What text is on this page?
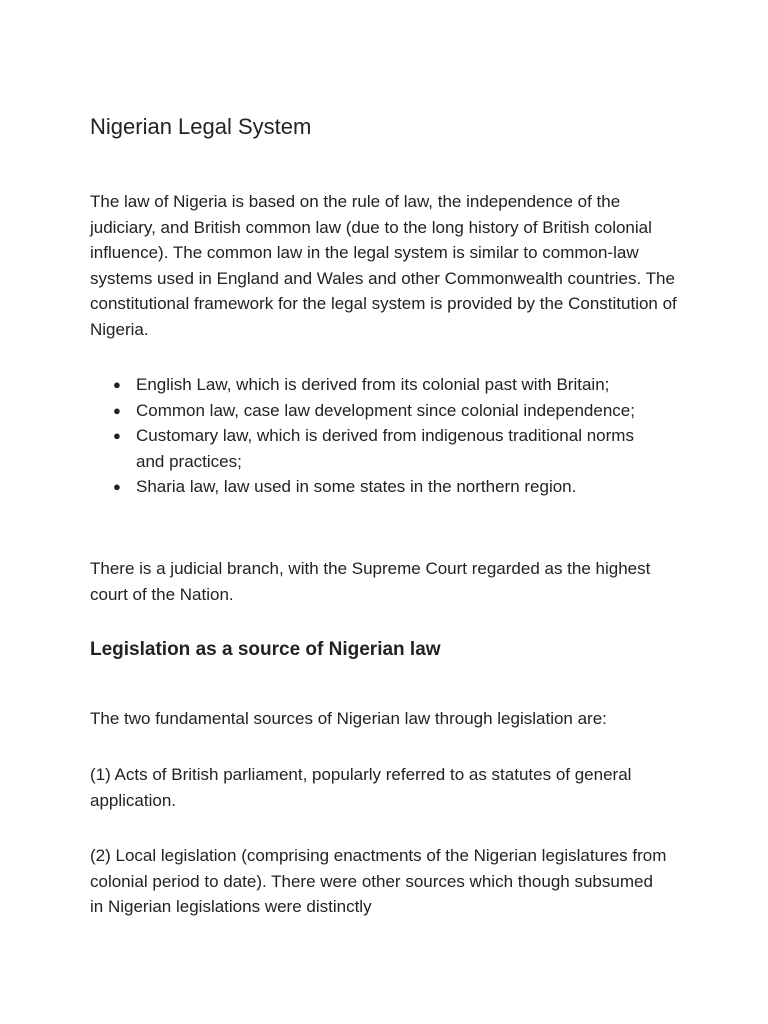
Nigerian Legal System

The law of Nigeria is based on the rule of law, the independence of the judiciary, and British common law (due to the long history of British colonial influence). The common law in the legal system is similar to common-law systems used in England and Wales and other Commonwealth countries. The constitutional framework for the legal system is provided by the Constitution of Nigeria.

● English Law, which is derived from its colonial past with Britain;
● Common law, case law development since colonial independence;
● Customary law, which is derived from indigenous traditional norms and practices;
● Sharia law, law used in some states in the northern region.

There is a judicial branch, with the Supreme Court regarded as the highest court of the Nation.

Legislation as a source of Nigerian law

The two fundamental sources of Nigerian law through legislation are:

(1) Acts of British parliament, popularly referred to as statutes of general application.

(2) Local legislation (comprising enactments of the Nigerian legislatures from colonial period to date). There were other sources which though subsumed in Nigerian legislations were distinctly
